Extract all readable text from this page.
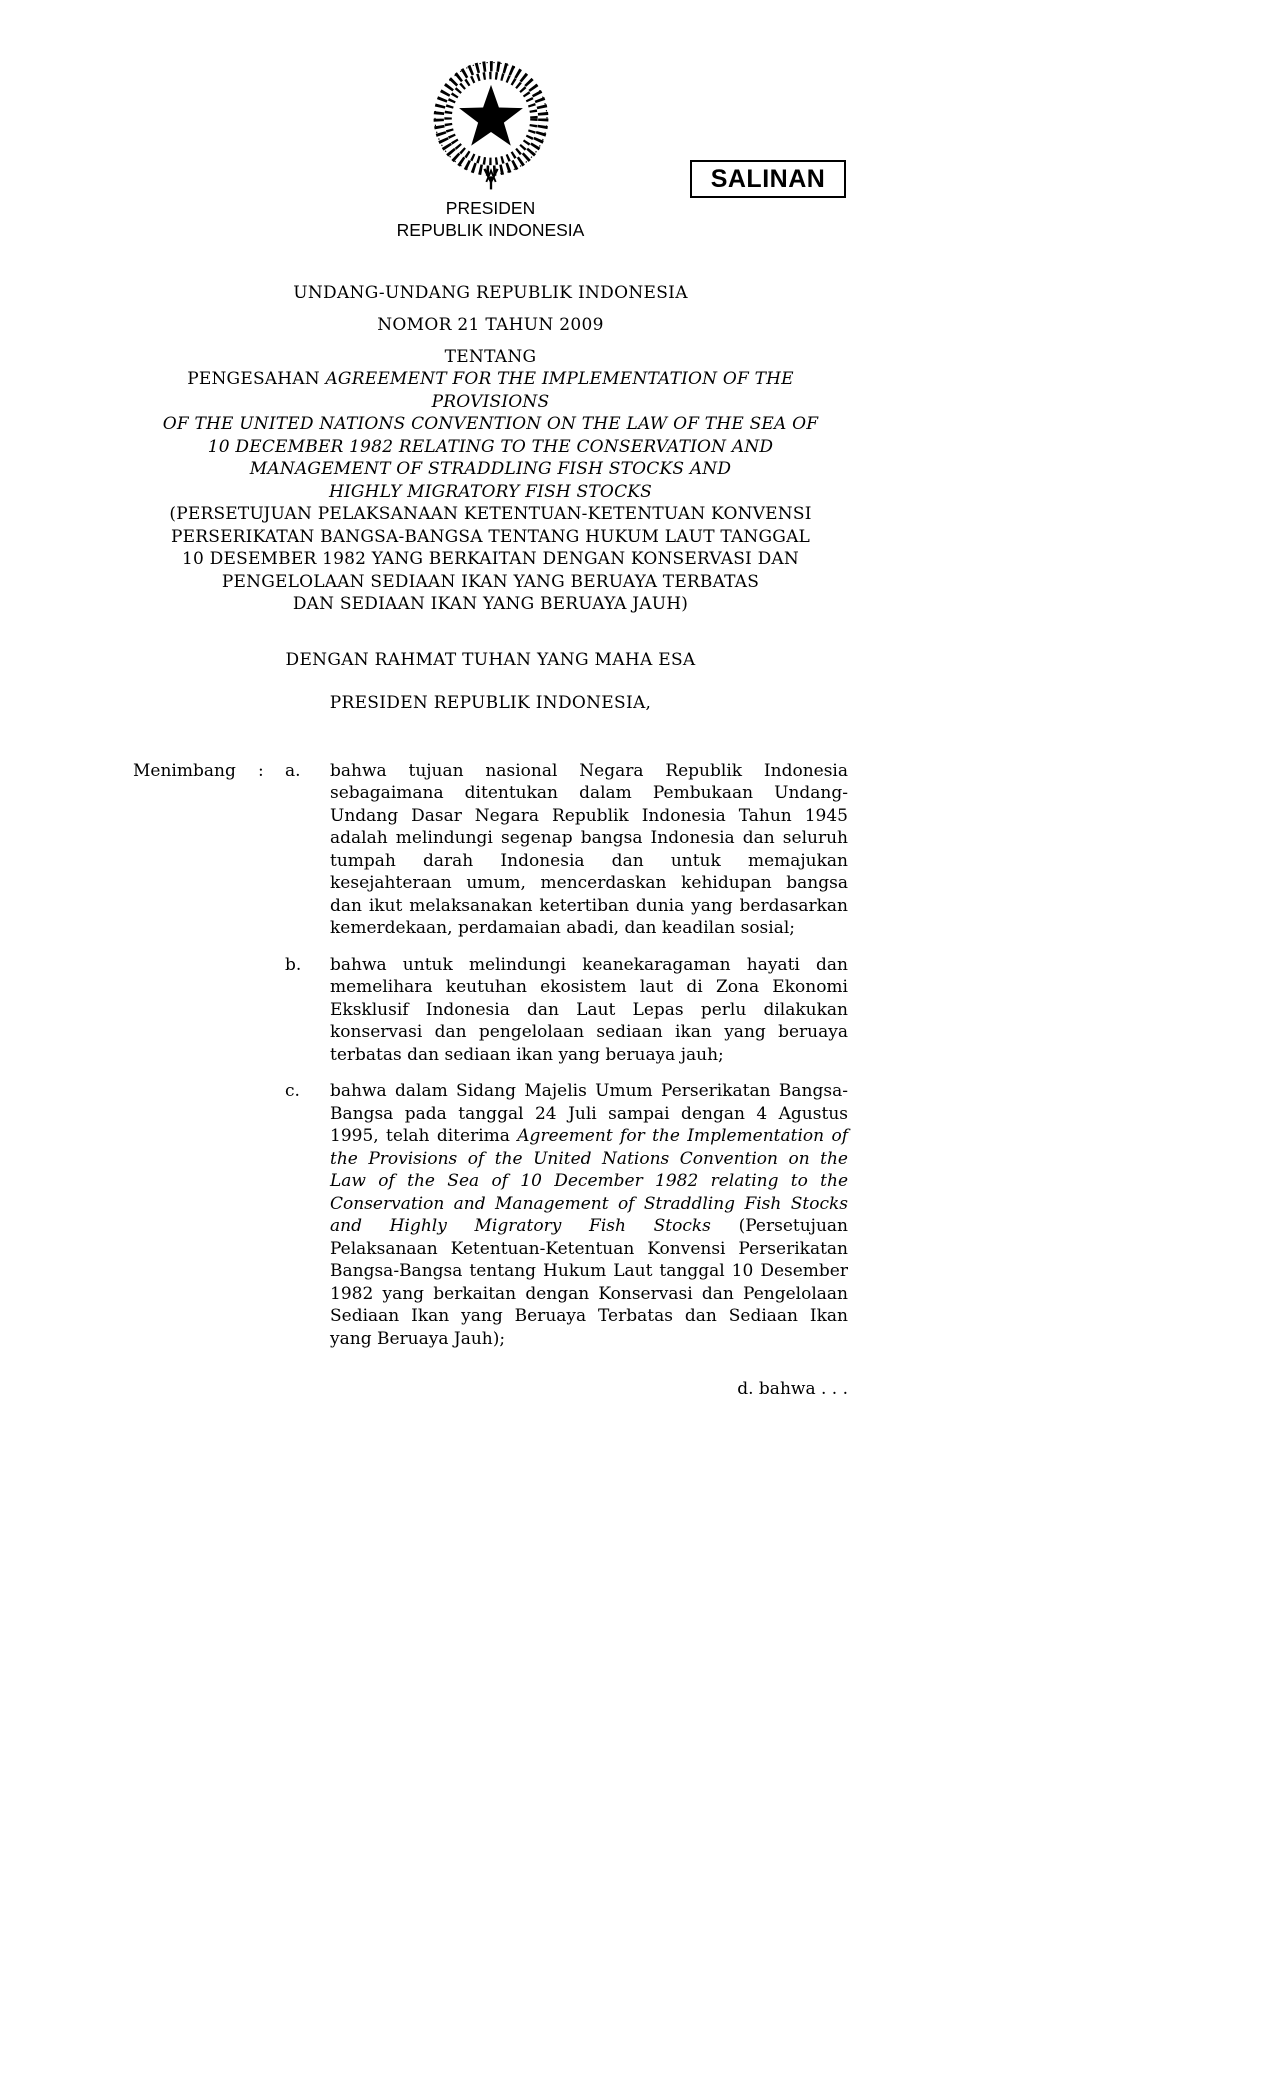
SALINAN
PRESIDEN
REPUBLIK INDONESIA
UNDANG-UNDANG REPUBLIK INDONESIA
NOMOR 21 TAHUN 2009
TENTANG
PENGESAHAN AGREEMENT FOR THE IMPLEMENTATION OF THE PROVISIONS
OF THE UNITED NATIONS CONVENTION ON THE LAW OF THE SEA OF
10 DECEMBER 1982 RELATING TO THE CONSERVATION AND
MANAGEMENT OF STRADDLING FISH STOCKS AND
HIGHLY MIGRATORY FISH STOCKS
(PERSETUJUAN PELAKSANAAN KETENTUAN-KETENTUAN KONVENSI
PERSERIKATAN BANGSA-BANGSA TENTANG HUKUM LAUT TANGGAL
10 DESEMBER 1982 YANG BERKAITAN DENGAN KONSERVASI DAN
PENGELOLAAN SEDIAAN IKAN YANG BERUAYA TERBATAS
DAN SEDIAAN IKAN YANG BERUAYA JAUH)
DENGAN RAHMAT TUHAN YANG MAHA ESA
PRESIDEN REPUBLIK INDONESIA,
Menimbang	:	a.	bahwa tujuan nasional Negara Republik Indonesia sebagaimana ditentukan dalam Pembukaan Undang-Undang Dasar Negara Republik Indonesia Tahun 1945 adalah melindungi segenap bangsa Indonesia dan seluruh tumpah darah Indonesia dan untuk memajukan kesejahteraan umum, mencerdaskan kehidupan bangsa dan ikut melaksanakan ketertiban dunia yang berdasarkan kemerdekaan, perdamaian abadi, dan keadilan sosial;
b.	bahwa untuk melindungi keanekaragaman hayati dan memelihara keutuhan ekosistem laut di Zona Ekonomi Eksklusif Indonesia dan Laut Lepas perlu dilakukan konservasi dan pengelolaan sediaan ikan yang beruaya terbatas dan sediaan ikan yang beruaya jauh;
c.	bahwa dalam Sidang Majelis Umum Perserikatan Bangsa-Bangsa pada tanggal 24 Juli sampai dengan 4 Agustus 1995, telah diterima Agreement for the Implementation of the Provisions of the United Nations Convention on the Law of the Sea of 10 December 1982 relating to the Conservation and Management of Straddling Fish Stocks and Highly Migratory Fish Stocks (Persetujuan Pelaksanaan Ketentuan-Ketentuan Konvensi Perserikatan Bangsa-Bangsa tentang Hukum Laut tanggal 10 Desember 1982 yang berkaitan dengan Konservasi dan Pengelolaan Sediaan Ikan yang Beruaya Terbatas dan Sediaan Ikan yang Beruaya Jauh);
d. bahwa . . .
